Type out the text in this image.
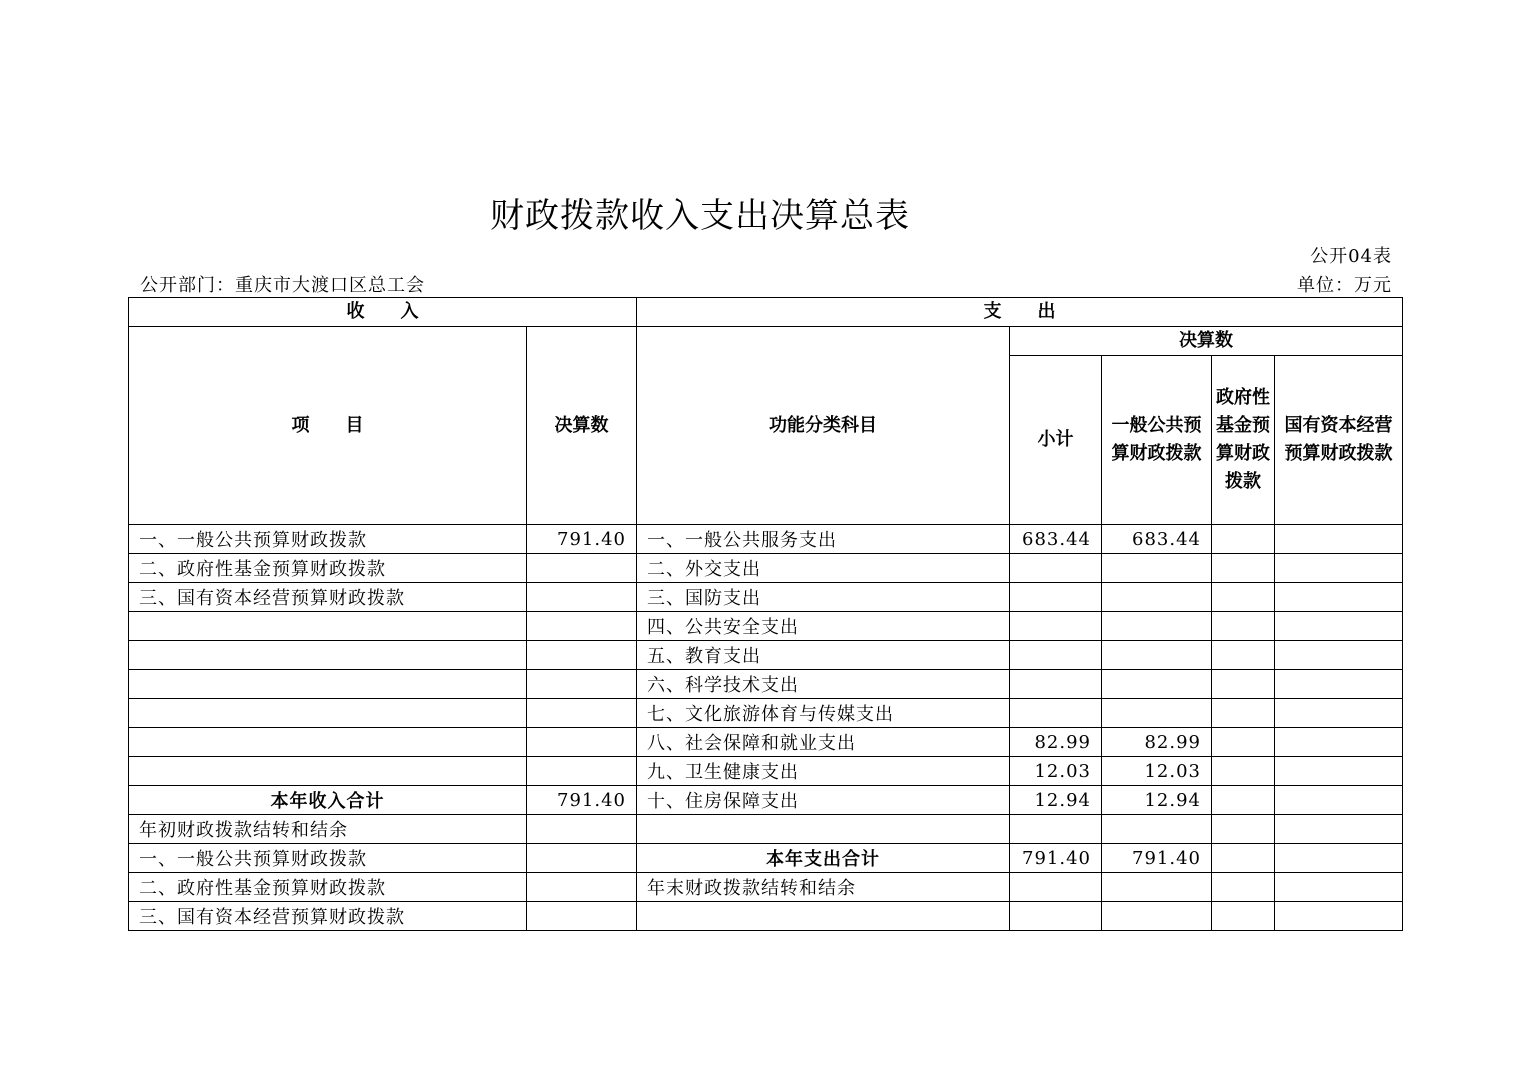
财政拨款收入支出决算总表
公开04表
公开部门：重庆市大渡口区总工会	单位：万元
收　　入		支　　出				
项　　目	决算数	功能分类科目	决算数			
			小计	一般公共预算财政拨款	政府性基金预算财政拨款	国有资本经营预算财政拨款
一、一般公共预算财政拨款	791.40	一、一般公共服务支出	683.44	683.44		
二、政府性基金预算财政拨款		二、外交支出				
三、国有资本经营预算财政拨款		三、国防支出				
		四、公共安全支出				
		五、教育支出				
		六、科学技术支出				
		七、文化旅游体育与传媒支出				
		八、社会保障和就业支出	82.99	82.99		
		九、卫生健康支出	12.03	12.03		
本年收入合计	791.40	十、住房保障支出	12.94	12.94		
年初财政拨款结转和结余						
一、一般公共预算财政拨款		本年支出合计	791.40	791.40		
二、政府性基金预算财政拨款		年末财政拨款结转和结余				
三、国有资本经营预算财政拨款						
